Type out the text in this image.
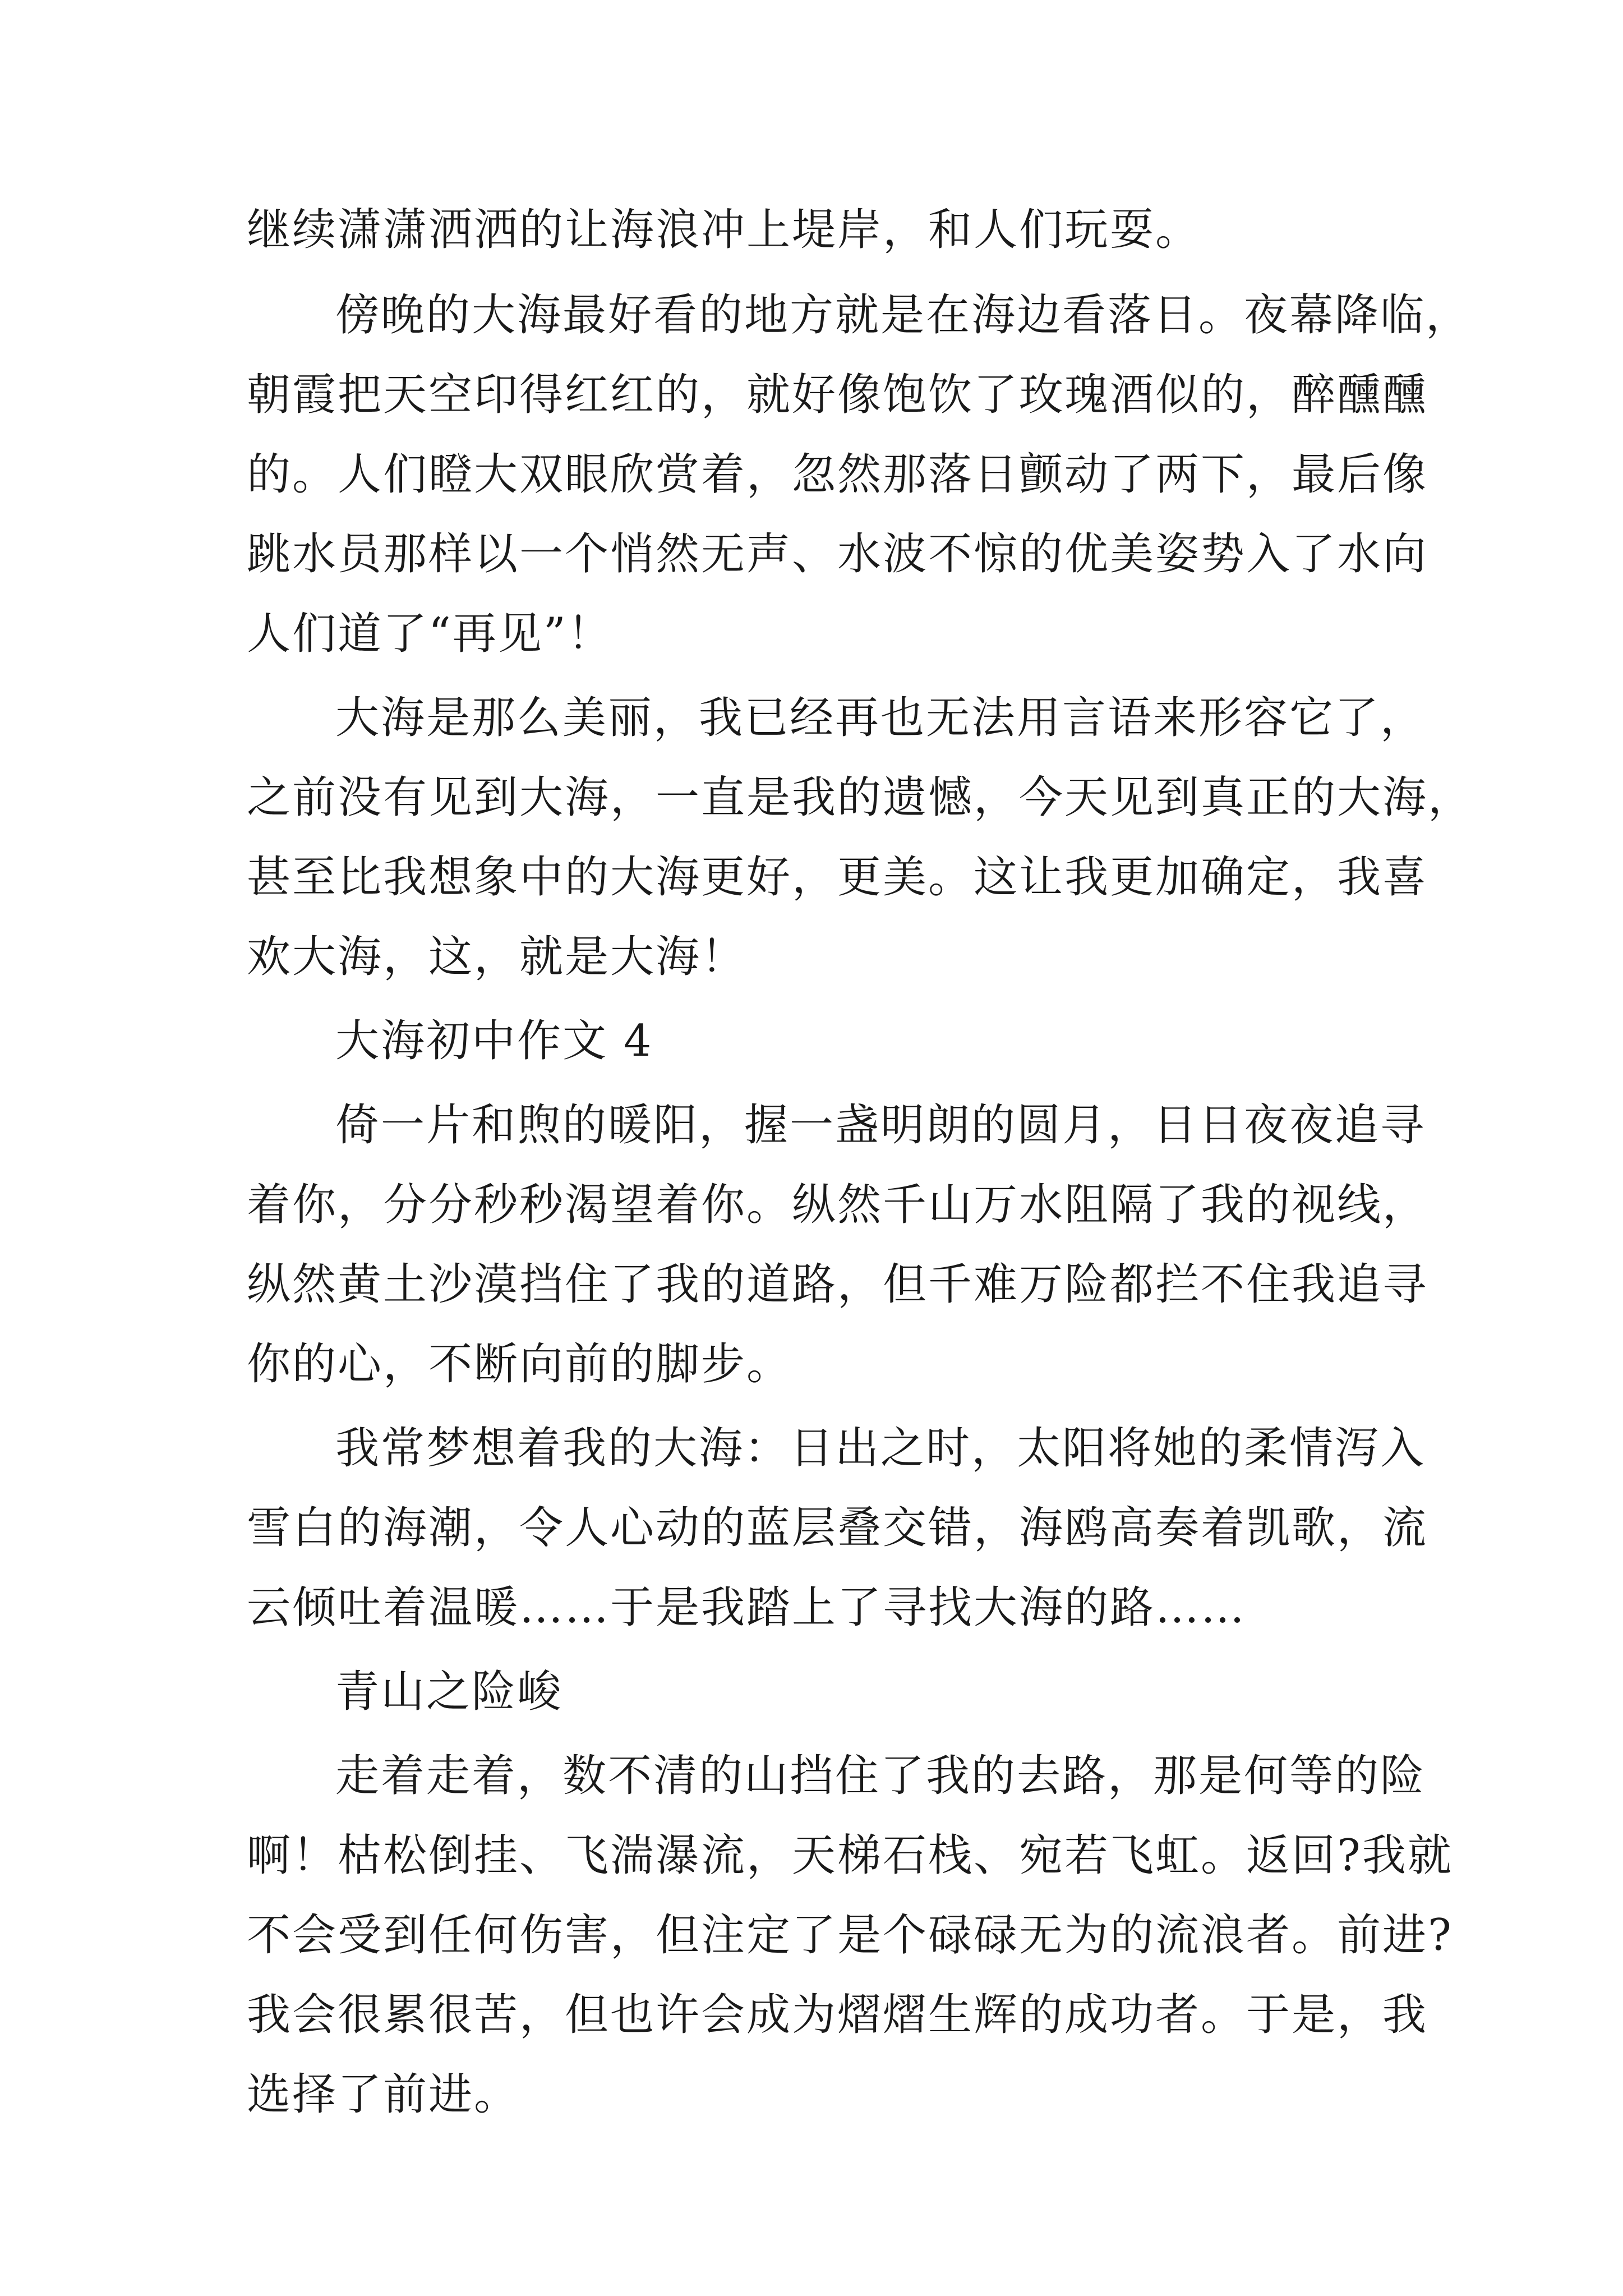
继续潇潇洒洒的让海浪冲上堤岸，和人们玩耍。
傍晚的大海最好看的地方就是在海边看落日。夜幕降临，
朝霞把天空印得红红的，就好像饱饮了玫瑰酒似的，醉醺醺
的。人们瞪大双眼欣赏着，忽然那落日颤动了两下，最后像
跳水员那样以一个悄然无声、水波不惊的优美姿势入了水向
人们道了“再见”！
大海是那么美丽，我已经再也无法用言语来形容它了，
之前没有见到大海，一直是我的遗憾，今天见到真正的大海，
甚至比我想象中的大海更好，更美。这让我更加确定，我喜
欢大海，这，就是大海！
大海初中作文 4
倚一片和煦的暖阳，握一盏明朗的圆月，日日夜夜追寻
着你，分分秒秒渴望着你。纵然千山万水阻隔了我的视线，
纵然黄土沙漠挡住了我的道路，但千难万险都拦不住我追寻
你的心，不断向前的脚步。
我常梦想着我的大海：日出之时，太阳将她的柔情泻入
雪白的海潮，令人心动的蓝层叠交错，海鸥高奏着凯歌，流
云倾吐着温暖……于是我踏上了寻找大海的路……
青山之险峻
走着走着，数不清的山挡住了我的去路，那是何等的险
啊！枯松倒挂、飞湍瀑流，天梯石栈、宛若飞虹。返回?我就
不会受到任何伤害，但注定了是个碌碌无为的流浪者。前进?
我会很累很苦，但也许会成为熠熠生辉的成功者。于是，我
选择了前进。
